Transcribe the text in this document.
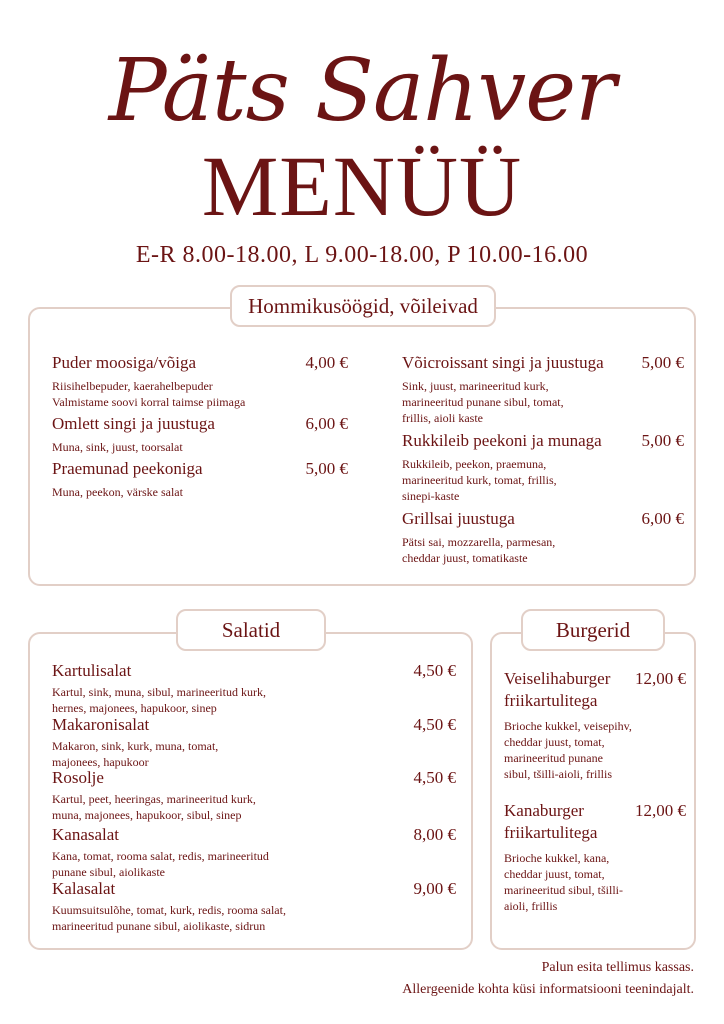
Päts Sahver
MENÜÜ
E-R 8.00-18.00, L 9.00-18.00, P 10.00-16.00
Hommikusöögid, võileivad
Puder moosiga/võiga	4,00 €
Riisihelbepuder, kaerahelbepuder
Valmistame soovi korral taimse piimaga
Omlett singi ja juustuga	6,00 €
Muna, sink, juust, toorsalat
Praemunad peekoniga	5,00 €
Muna, peekon, värske salat
Võicroissant singi ja juustuga	5,00 €
Sink, juust, marineeritud kurk,
marineeritud punane sibul, tomat,
frillis, aioli kaste
Rukkileib peekoni ja munaga	5,00 €
Rukkileib, peekon, praemuna,
marineeritud kurk, tomat, frillis,
sinepi-kaste
Grillsai juustuga	6,00 €
Pätsi sai, mozzarella, parmesan,
cheddar juust, tomatikaste
Salatid
Kartulisalat	4,50 €
Kartul, sink, muna, sibul, marineeritud kurk,
hernes, majonees, hapukoor, sinep
Makaronisalat	4,50 €
Makaron, sink, kurk, muna, tomat,
majonees, hapukoor
Rosolje	4,50 €
Kartul, peet, heeringas, marineeritud kurk,
muna, majonees, hapukoor, sibul, sinep
Kanasalat	8,00 €
Kana, tomat, rooma salat, redis, marineeritud
punane sibul, aiolikaste
Kalasalat	9,00 €
Kuumsuitsulõhe, tomat, kurk, redis, rooma salat,
marineeritud punane sibul, aiolikaste, sidrun
Burgerid
Veiselihaburger
friikartulitega
12,00 €
Brioche kukkel, veisepihv,
cheddar juust, tomat,
marineeritud punane
sibul, tšilli-aioli, frillis
Kanaburger
friikartulitega
12,00 €
Brioche kukkel, kana,
cheddar juust, tomat,
marineeritud sibul, tšilli-
aioli, frillis
Palun esita tellimus kassas.
Allergeenide kohta küsi informatsiooni teenindajalt.
